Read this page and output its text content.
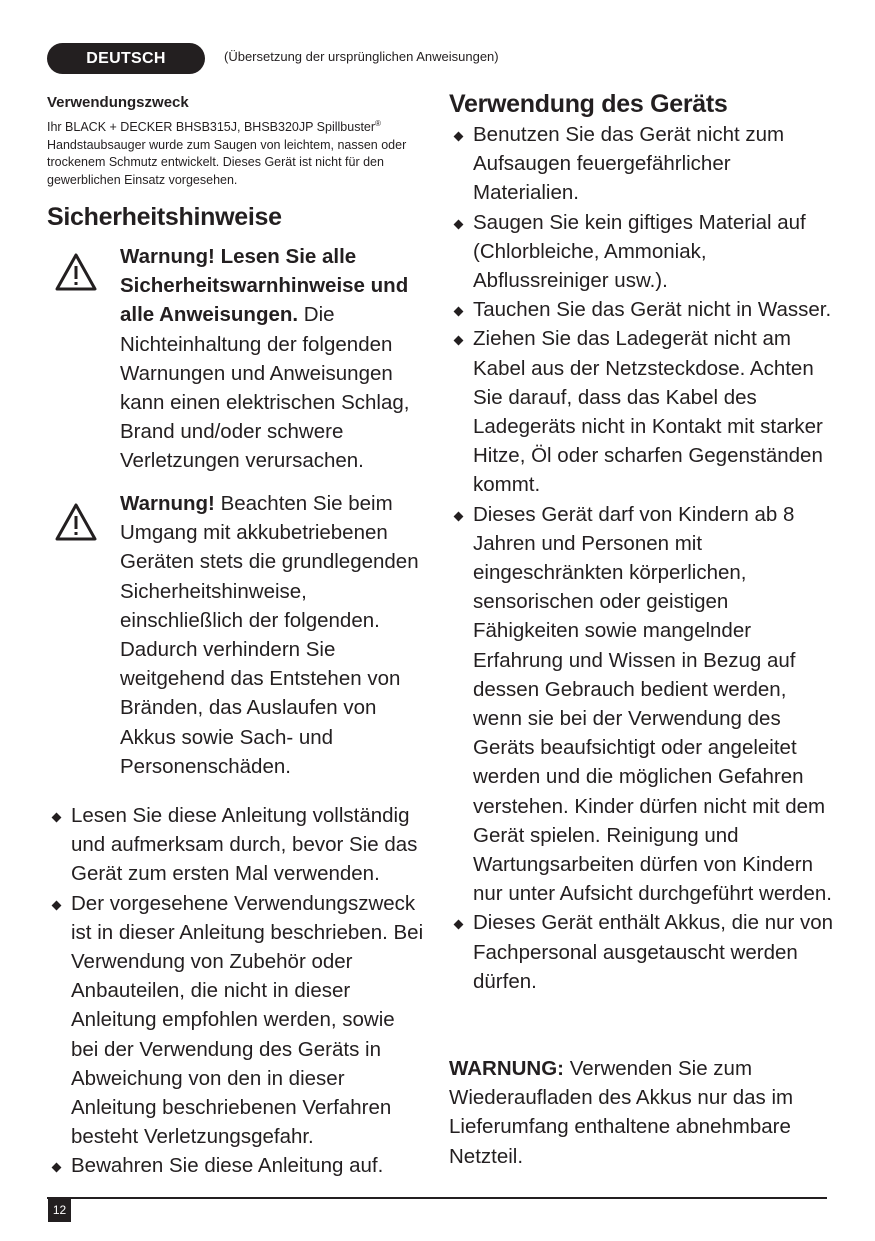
DEUTSCH	(Übersetzung der ursprünglichen Anweisungen)
Verwendungszweck
Ihr BLACK + DECKER BHSB315J, BHSB320JP Spillbuster® Handstaubsauger wurde zum Saugen von leichtem, nassen oder trockenem Schmutz entwickelt. Dieses Gerät ist nicht für den gewerblichen Einsatz vorgesehen.
Sicherheitshinweise
Warnung! Lesen Sie alle Sicherheitswarnhinweise und alle Anweisungen. Die Nichteinhaltung der folgenden Warnungen und Anweisungen kann einen elektrischen Schlag, Brand und/oder schwere Verletzungen verursachen.
Warnung! Beachten Sie beim Umgang mit akkubetriebenen Geräten stets die grundlegenden Sicherheitshinweise, einschließlich der folgenden. Dadurch verhindern Sie weitgehend das Entstehen von Bränden, das Auslaufen von Akkus sowie Sach- und Personenschäden.
Lesen Sie diese Anleitung vollständig und aufmerksam durch, bevor Sie das Gerät zum ersten Mal verwenden.
Der vorgesehene Verwendungszweck ist in dieser Anleitung beschrieben. Bei Verwendung von Zubehör oder Anbauteilen, die nicht in dieser Anleitung empfohlen werden, sowie bei der Verwendung des Geräts in Abweichung von den in dieser Anleitung beschriebenen Verfahren besteht Verletzungsgefahr.
Bewahren Sie diese Anleitung auf.
Verwendung des Geräts
Benutzen Sie das Gerät nicht zum Aufsaugen feuergefährlicher Materialien.
Saugen Sie kein giftiges Material auf (Chlorbleiche, Ammoniak, Abflussreiniger usw.).
Tauchen Sie das Gerät nicht in Wasser.
Ziehen Sie das Ladegerät nicht am Kabel aus der Netzsteckdose. Achten Sie darauf, dass das Kabel des Ladegeräts nicht in Kontakt mit starker Hitze, Öl oder scharfen Gegenständen kommt.
Dieses Gerät darf von Kindern ab 8 Jahren und Personen mit eingeschränkten körperlichen, sensorischen oder geistigen Fähigkeiten sowie mangelnder Erfahrung und Wissen in Bezug auf dessen Gebrauch bedient werden, wenn sie bei der Verwendung des Geräts beaufsichtigt oder angeleitet werden und die möglichen Gefahren verstehen. Kinder dürfen nicht mit dem Gerät spielen. Reinigung und Wartungsarbeiten dürfen von Kindern nur unter Aufsicht durchgeführt werden.
Dieses Gerät enthält Akkus, die nur von Fachpersonal ausgetauscht werden dürfen.
WARNUNG: Verwenden Sie zum Wiederaufladen des Akkus nur das im Lieferumfang enthaltene abnehmbare Netzteil.
12
